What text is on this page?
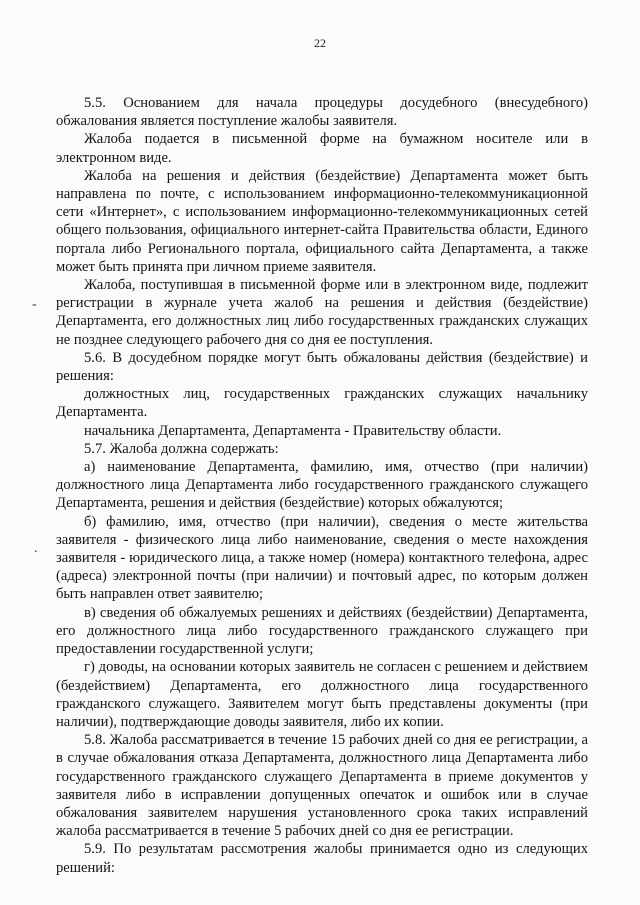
22
-
.

5.5. Основанием для начала процедуры досудебного (внесудебного) обжалования является поступление жалобы заявителя.

Жалоба подается в письменной форме на бумажном носителе или в электронном виде.

Жалоба на решения и действия (бездействие) Департамента может быть направлена по почте, с использованием информационно-телекоммуникационной сети «Интернет», с использованием информационно-телекоммуникационных сетей общего пользования, официального интернет-сайта Правительства области, Единого портала либо Регионального портала, официального сайта Департамента, а также может быть принята при личном приеме заявителя.

Жалоба, поступившая в письменной форме или в электронном виде, подлежит регистрации в журнале учета жалоб на решения и действия (бездействие) Департамента, его должностных лиц либо государственных гражданских служащих не позднее следующего рабочего дня со дня ее поступления.

5.6. В досудебном порядке могут быть обжалованы действия (бездействие) и решения:

должностных лиц, государственных гражданских служащих начальнику Департамента.

начальника Департамента, Департамента - Правительству области.

5.7. Жалоба должна содержать:

а) наименование Департамента, фамилию, имя, отчество (при наличии) должностного лица Департамента либо государственного гражданского служащего Департамента, решения и действия (бездействие) которых обжалуются;

б) фамилию, имя, отчество (при наличии), сведения о месте жительства заявителя - физического лица либо наименование, сведения о месте нахождения заявителя - юридического лица, а также номер (номера) контактного телефона, адрес (адреса) электронной почты (при наличии) и почтовый адрес, по которым должен быть направлен ответ заявителю;

в) сведения об обжалуемых решениях и действиях (бездействии) Департамента, его должностного лица либо государственного гражданского служащего при предоставлении государственной услуги;

г) доводы, на основании которых заявитель не согласен с решением и действием (бездействием) Департамента, его должностного лица государственного гражданского служащего. Заявителем могут быть представлены документы (при наличии), подтверждающие доводы заявителя, либо их копии.

5.8. Жалоба рассматривается в течение 15 рабочих дней со дня ее регистрации, а в случае обжалования отказа Департамента, должностного лица Департамента либо государственного гражданского служащего Департамента в приеме документов у заявителя либо в исправлении допущенных опечаток и ошибок или в случае обжалования заявителем нарушения установленного срока таких исправлений жалоба рассматривается в течение 5 рабочих дней со дня ее регистрации.

5.9. По результатам рассмотрения жалобы принимается одно из следующих решений:
